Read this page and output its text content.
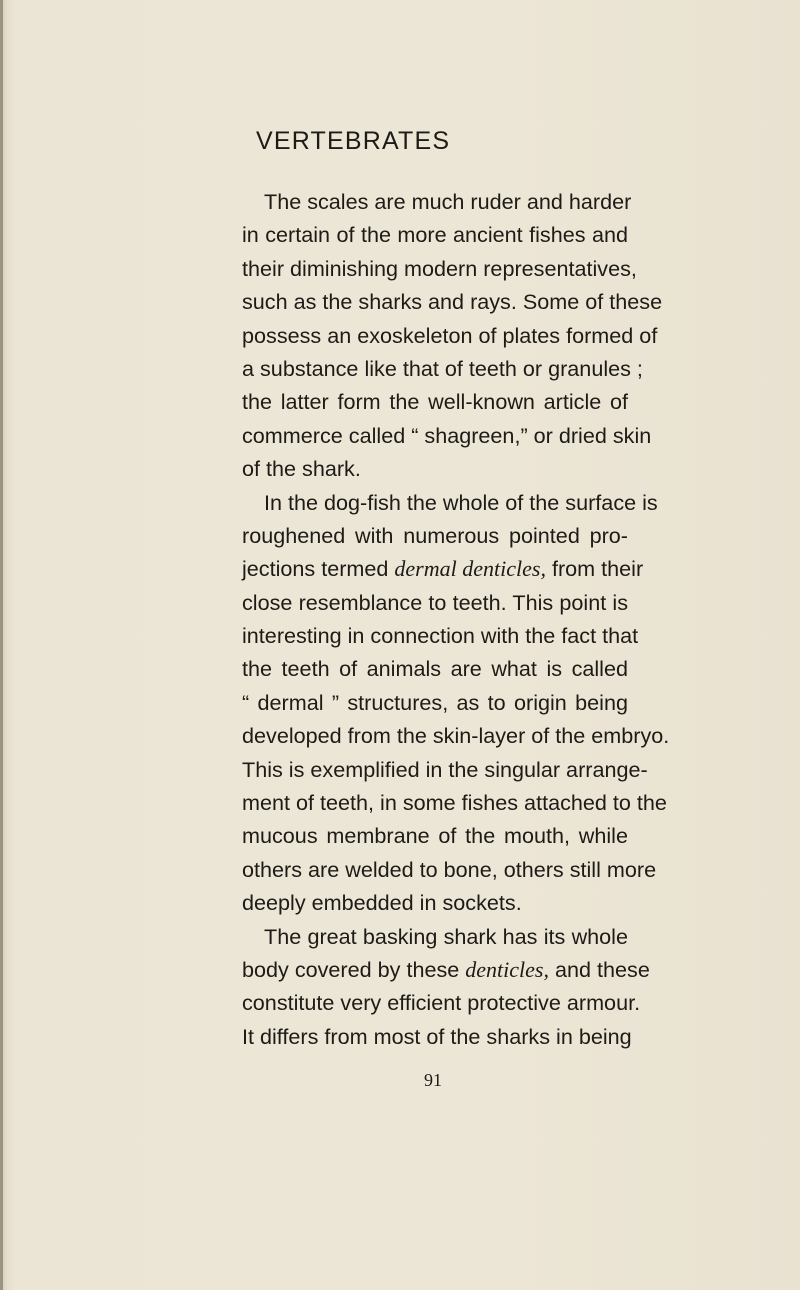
VERTEBRATES
The scales are much ruder and harder
in certain of the more ancient fishes and
their diminishing modern representatives,
such as the sharks and rays. Some of these
possess an exoskeleton of plates formed of
a substance like that of teeth or granules ;
the latter form the well-known article of
commerce called “ shagreen,” or dried skin
of the shark.
In the dog-fish the whole of the surface is
roughened with numerous pointed pro-
jections termed dermal denticles, from their
close resemblance to teeth. This point is
interesting in connection with the fact that
the teeth of animals are what is called
“ dermal ” structures, as to origin being
developed from the skin-layer of the embryo.
This is exemplified in the singular arrange-
ment of teeth, in some fishes attached to the
mucous membrane of the mouth, while
others are welded to bone, others still more
deeply embedded in sockets.
The great basking shark has its whole
body covered by these denticles, and these
constitute very efficient protective armour.
It differs from most of the sharks in being
91
